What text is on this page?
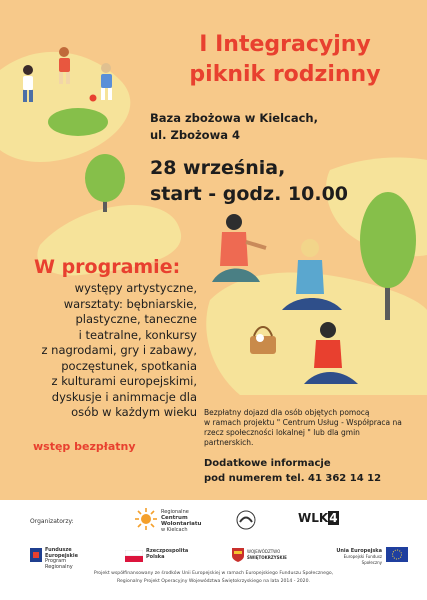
I Integracyjny
piknik rodzinny
Baza zbożowa w Kielcach,
ul. Zbożowa 4
28 września,
start - godz. 10.00
W programie:
występy artystyczne,
warsztaty: bębniarskie,
plastyczne, taneczne
i teatralne, konkursy
z nagrodami, gry i zabawy,
poczęstunek, spotkania
z kulturami europejskimi,
dyskusje i animmacje dla
osób w każdym wieku
wstęp bezpłatny
Bezpłatny dojazd dla osób objętych pomocą
w ramach projektu " Centrum Usług - Współpraca na
rzecz społeczności lokalnej " lub dla gmin
partnerskich.
Dodatkowe informacje
pod numerem tel. 41 362 14 12
Organizatorzy:
Regionalne
Centrum Wolontariatu
w Kielcach
WLK4
Fundusze
Europejskie
Program Regionalny
Rzeczpospolita
Polska
WOJEWÓDZTWO
ŚWIĘTOKRZYSKIE
Unia Europejska
Europejski Fundusz Społeczny
Projekt współfinansowany ze środków Unii Europejskiej w ramach Europejskiego Funduszu Społecznego,
Regionalny Projekt Operacyjny Województwa Świętokrzyskiego na lata 2014 - 2020.
